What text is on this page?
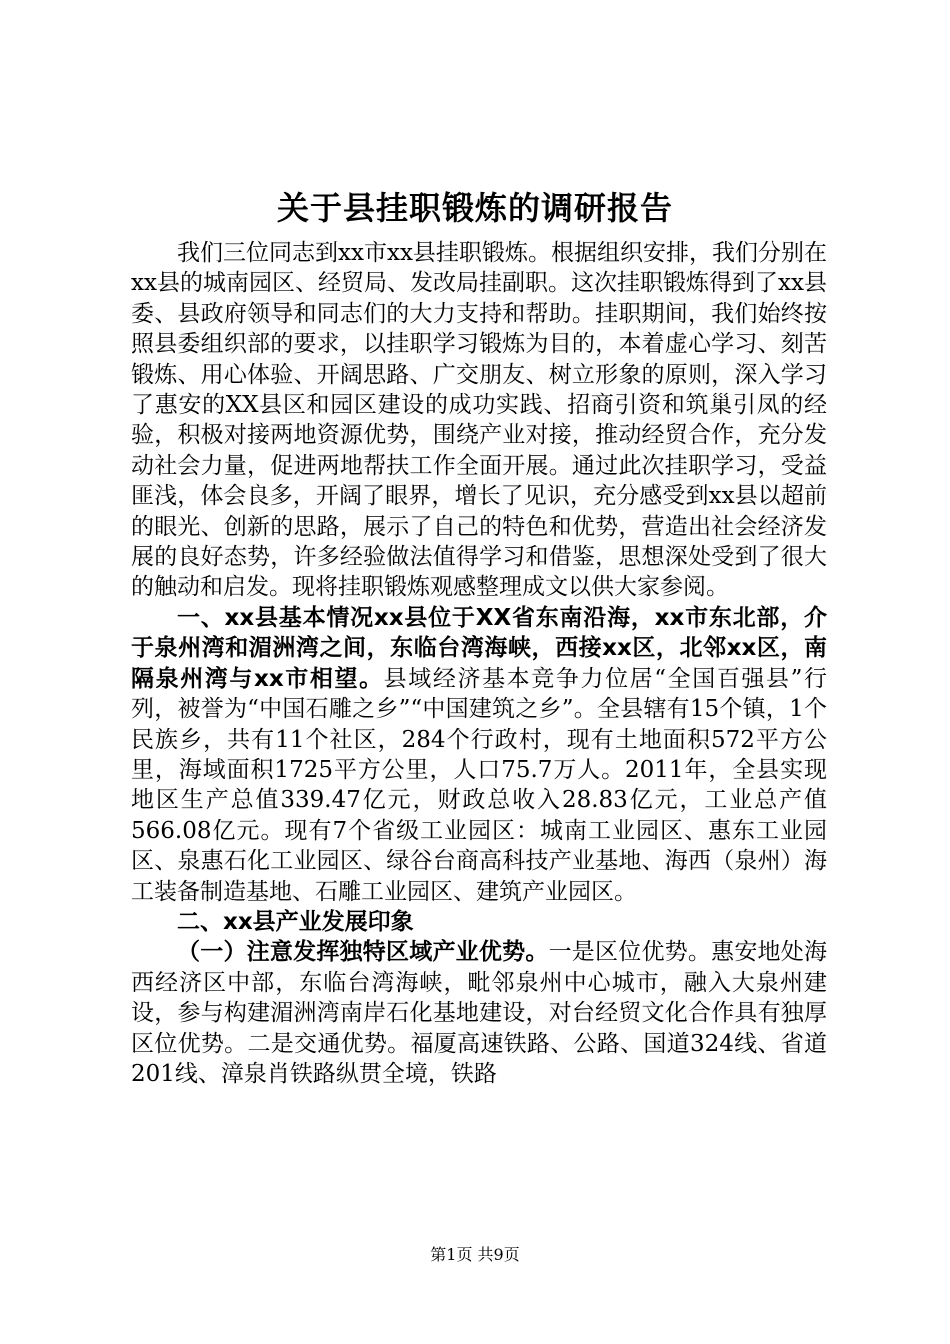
关于县挂职锻炼的调研报告

我们三位同志到xx市xx县挂职锻炼。根据组织安排，我们分别在xx县的城南园区、经贸局、发改局挂副职。这次挂职锻炼得到了xx县委、县政府领导和同志们的大力支持和帮助。挂职期间，我们始终按照县委组织部的要求，以挂职学习锻炼为目的，本着虚心学习、刻苦锻炼、用心体验、开阔思路、广交朋友、树立形象的原则，深入学习了惠安的XX县区和园区建设的成功实践、招商引资和筑巢引凤的经验，积极对接两地资源优势，围绕产业对接，推动经贸合作，充分发动社会力量，促进两地帮扶工作全面开展。通过此次挂职学习，受益匪浅，体会良多，开阔了眼界，增长了见识，充分感受到xx县以超前的眼光、创新的思路，展示了自己的特色和优势，营造出社会经济发展的良好态势，许多经验做法值得学习和借鉴，思想深处受到了很大的触动和启发。现将挂职锻炼观感整理成文以供大家参阅。

一、xx县基本情况xx县位于XX省东南沿海，xx市东北部，介于泉州湾和湄洲湾之间，东临台湾海峡，西接xx区，北邻xx区，南隔泉州湾与xx市相望。县域经济基本竞争力位居“全国百强县”行列，被誉为“中国石雕之乡”“中国建筑之乡”。全县辖有15个镇，1个民族乡，共有11个社区，284个行政村，现有土地面积572平方公里，海域面积1725平方公里，人口75.7万人。2011年，全县实现地区生产总值339.47亿元，财政总收入28.83亿元，工业总产值566.08亿元。现有7个省级工业园区：城南工业园区、惠东工业园区、泉惠石化工业园区、绿谷台商高科技产业基地、海西（泉州）海工装备制造基地、石雕工业园区、建筑产业园区。

二、xx县产业发展印象

（一）注意发挥独特区域产业优势。一是区位优势。惠安地处海西经济区中部，东临台湾海峡，毗邻泉州中心城市，融入大泉州建设，参与构建湄洲湾南岸石化基地建设，对台经贸文化合作具有独厚区位优势。二是交通优势。福厦高速铁路、公路、国道324线、省道201线、漳泉肖铁路纵贯全境，铁路

第1页 共9页
